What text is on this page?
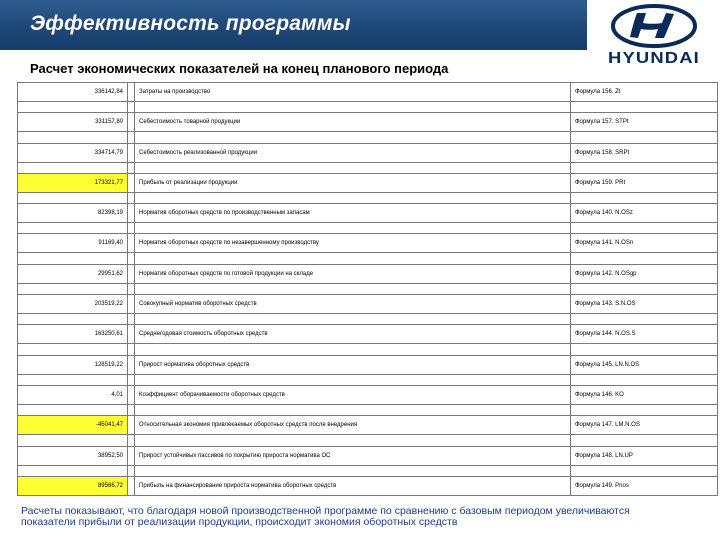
Эффективность программы
HYUNDAI
Расчет экономических показателей на конец планового периода
336142,84		Затраты на производство	Формула 156. Zt

331157,80		Себестоимость товарной продукции	Формула 157. STPt

334714,79		Себестоимость реализованной продукции	Формула 158. SRPt

173321,77		Прибыль от реализации продукции	Формула 159. PRt

82398,19		Норматив оборотных средств по производственным запасам	Формула 140. N.OSz

91169,40		Норматив оборотных средств по незавершенному производству	Формула 141. N.OSn

29951,62		Норматив оборотных средств по готовой продукции на складе	Формула 142. N.OSgp

203519,22		Совокупный норматив оборотных средств	Формула 143. S.N.OS

163250,61		Среднегодовая стоимость оборотных средств	Формула 144. N.OS.S

128519,22		Прирост норматива оборотных средств	Формула 145. LN.N.OS

4,01		Коэффициент оборачиваемости оборотных средств	Формула 146. KO

-45041,47		Относительная экономия привлекаемых оборотных средств после внедрения	Формула 147. LM.N.OS

38952,50		Прирост устойчивых пассивов по покрытию прироста норматива ОС	Формула 148. LN.UP

89566,72		Прибыль на финансирование прироста норматива оборотных средств	Формула 149. Pnos
Расчеты показывают, что благодаря новой производственной программе по сравнению с базовым периодом увеличиваются
показатели прибыли от реализации продукции, происходит экономия оборотных средств
